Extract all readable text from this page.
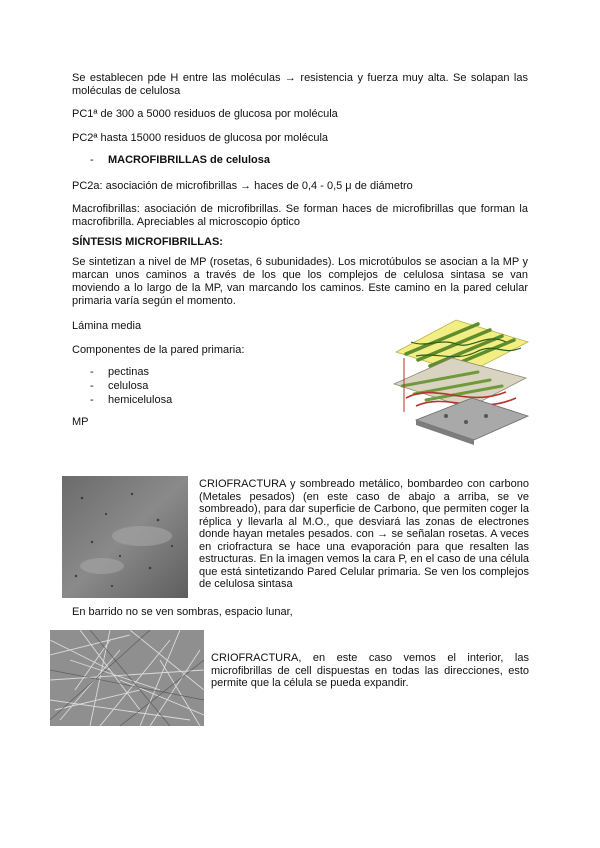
Se establecen pde H entre las moléculas → resistencia y fuerza muy alta. Se solapan las moléculas de celulosa
PC1ª de 300 a 5000 residuos de glucosa por molécula
PC2ª hasta 15000 residuos de glucosa por molécula
- MACROFIBRILLAS de celulosa
PC2a: asociación de microfibrillas → haces de 0,4 - 0,5 μ de diámetro
Macrofibrillas: asociación de microfibrillas. Se forman haces de microfibrillas que forman la macrofibrilla. Apreciables al microscopio óptico
SÍNTESIS MICROFIBRILLAS:
Se sintetizan a nivel de MP (rosetas, 6 subunidades). Los microtúbulos se asocian a la MP y marcan unos caminos a través de los que los complejos de celulosa sintasa se van moviendo a lo largo de la MP, van marcando los caminos. Este camino en la pared celular primaria varía según el momento.
Lámina media
Componentes de la pared primaria:
- pectinas
- celulosa
- hemicelulosa
MP
CRIOFRACTURA y sombreado metálico, bombardeo con carbono (Metales pesados) (en este caso de abajo a arriba, se ve sombreado), para dar superficie de Carbono, que permiten coger la réplica y llevarla al M.O., que desviará las zonas de electrones donde hayan metales pesados. con → se señalan rosetas. A veces en criofractura se hace una evaporación para que resalten las estructuras. En la imagen vemos la cara P, en el caso de una célula que está sintetizando Pared Celular primaria. Se ven los complejos de celulosa sintasa
En barrido no se ven sombras, espacio lunar,
CRIOFRACTURA, en este caso vemos el interior, las microfibrillas de cell dispuestas en todas las direcciones, esto permite que la célula se pueda expandir.
